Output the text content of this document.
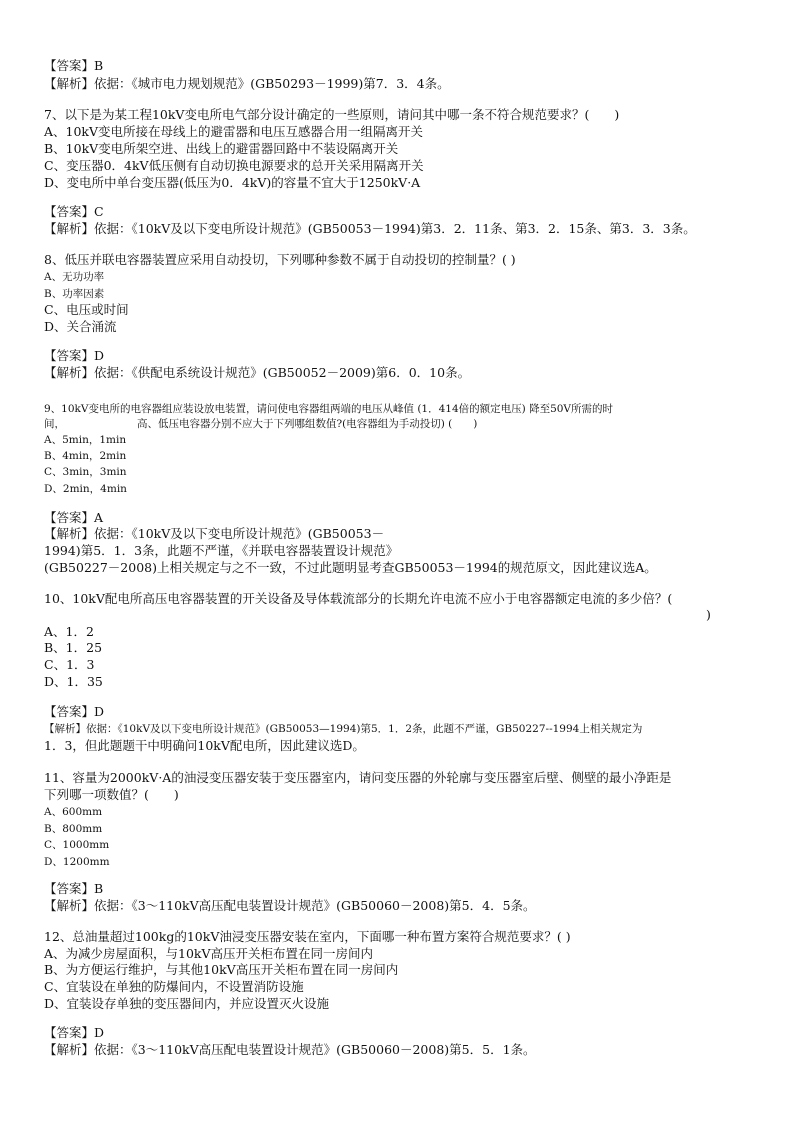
【答案】B
【解析】依据：《城市电力规划规范》(GB50293－1999)第7．3．4条。
7、以下是为某工程10kV变电所电气部分设计确定的一些原则，请问其中哪一条不符合规范要求？(　　)
A、10kV变电所接在母线上的避雷器和电压互感器合用一组隔离开关
B、10kV变电所架空进、出线上的避雷器回路中不装设隔离开关
C、变压器0．4kV低压侧有自动切换电源要求的总开关采用隔离开关
D、变电所中单台变压器(低压为0．4kV)的容量不宜大于1250kV·A
【答案】C
【解析】依据：《10kV及以下变电所设计规范》(GB50053－1994)第3．2．11条、第3．2．15条、第3．3．3条。
8、低压并联电容器装置应采用自动投切，下列哪种参数不属于自动投切的控制量？( )
A、无功功率
B、功率因素
C、电压或时间
D、关合涌流
【答案】D
【解析】依据：《供配电系统设计规范》(GB50052－2009)第6．0．10条。
9、10kV变电所的电容器组应装设放电装置，请问使电容器组两端的电压从峰值 (1．414倍的额定电压) 降至50V所需的时
间，	高、低压电容器分别不应大于下列哪组数值?(电容器组为手动投切) (　　)
A、5min，1min
B、4min，2min
C、3min，3min
D、2min，4min
【答案】A
【解析】依据：《10kV及以下变电所设计规范》(GB50053－
1994)第5．1．3条，此题不严谨，《并联电容器装置设计规范》
(GB50227－2008)上相关规定与之不一致，不过此题明显考查GB50053－1994的规范原文，因此建议选A。
10、10kV配电所高压电容器装置的开关设备及导体载流部分的长期允许电流不应小于电容器额定电流的多少倍？(
)
A、1．2
B、1．25
C、1．3
D、1．35
【答案】D
【解析】依据：《10kV及以下变电所设计规范》(GB50053—1994)第5．1．2条，此题不严谨，GB50227--1994上相关规定为
1．3，但此题题干中明确问10kV配电所，因此建议选D。
11、容量为2000kV·A的油浸变压器安装于变压器室内，请问变压器的外轮廓与变压器室后壁、侧壁的最小净距是
下列哪一项数值？(　　)
A、600mm
B、800mm
C、1000mm
D、1200mm
【答案】B
【解析】依据：《3～110kV高压配电装置设计规范》(GB50060－2008)第5．4．5条。
12、总油量超过100kg的10kV油浸变压器安装在室内，下面哪一种布置方案符合规范要求？( )
A、为减少房屋面积，与10kV高压开关柜布置在同一房间内
B、为方便运行维护，与其他10kV高压开关柜布置在同一房间内
C、宜装设在单独的防爆间内，不设置消防设施
D、宜装设存单独的变压器间内，并应设置灭火设施
【答案】D
【解析】依据：《3～110kV高压配电装置设计规范》(GB50060－2008)第5．5．1条。
